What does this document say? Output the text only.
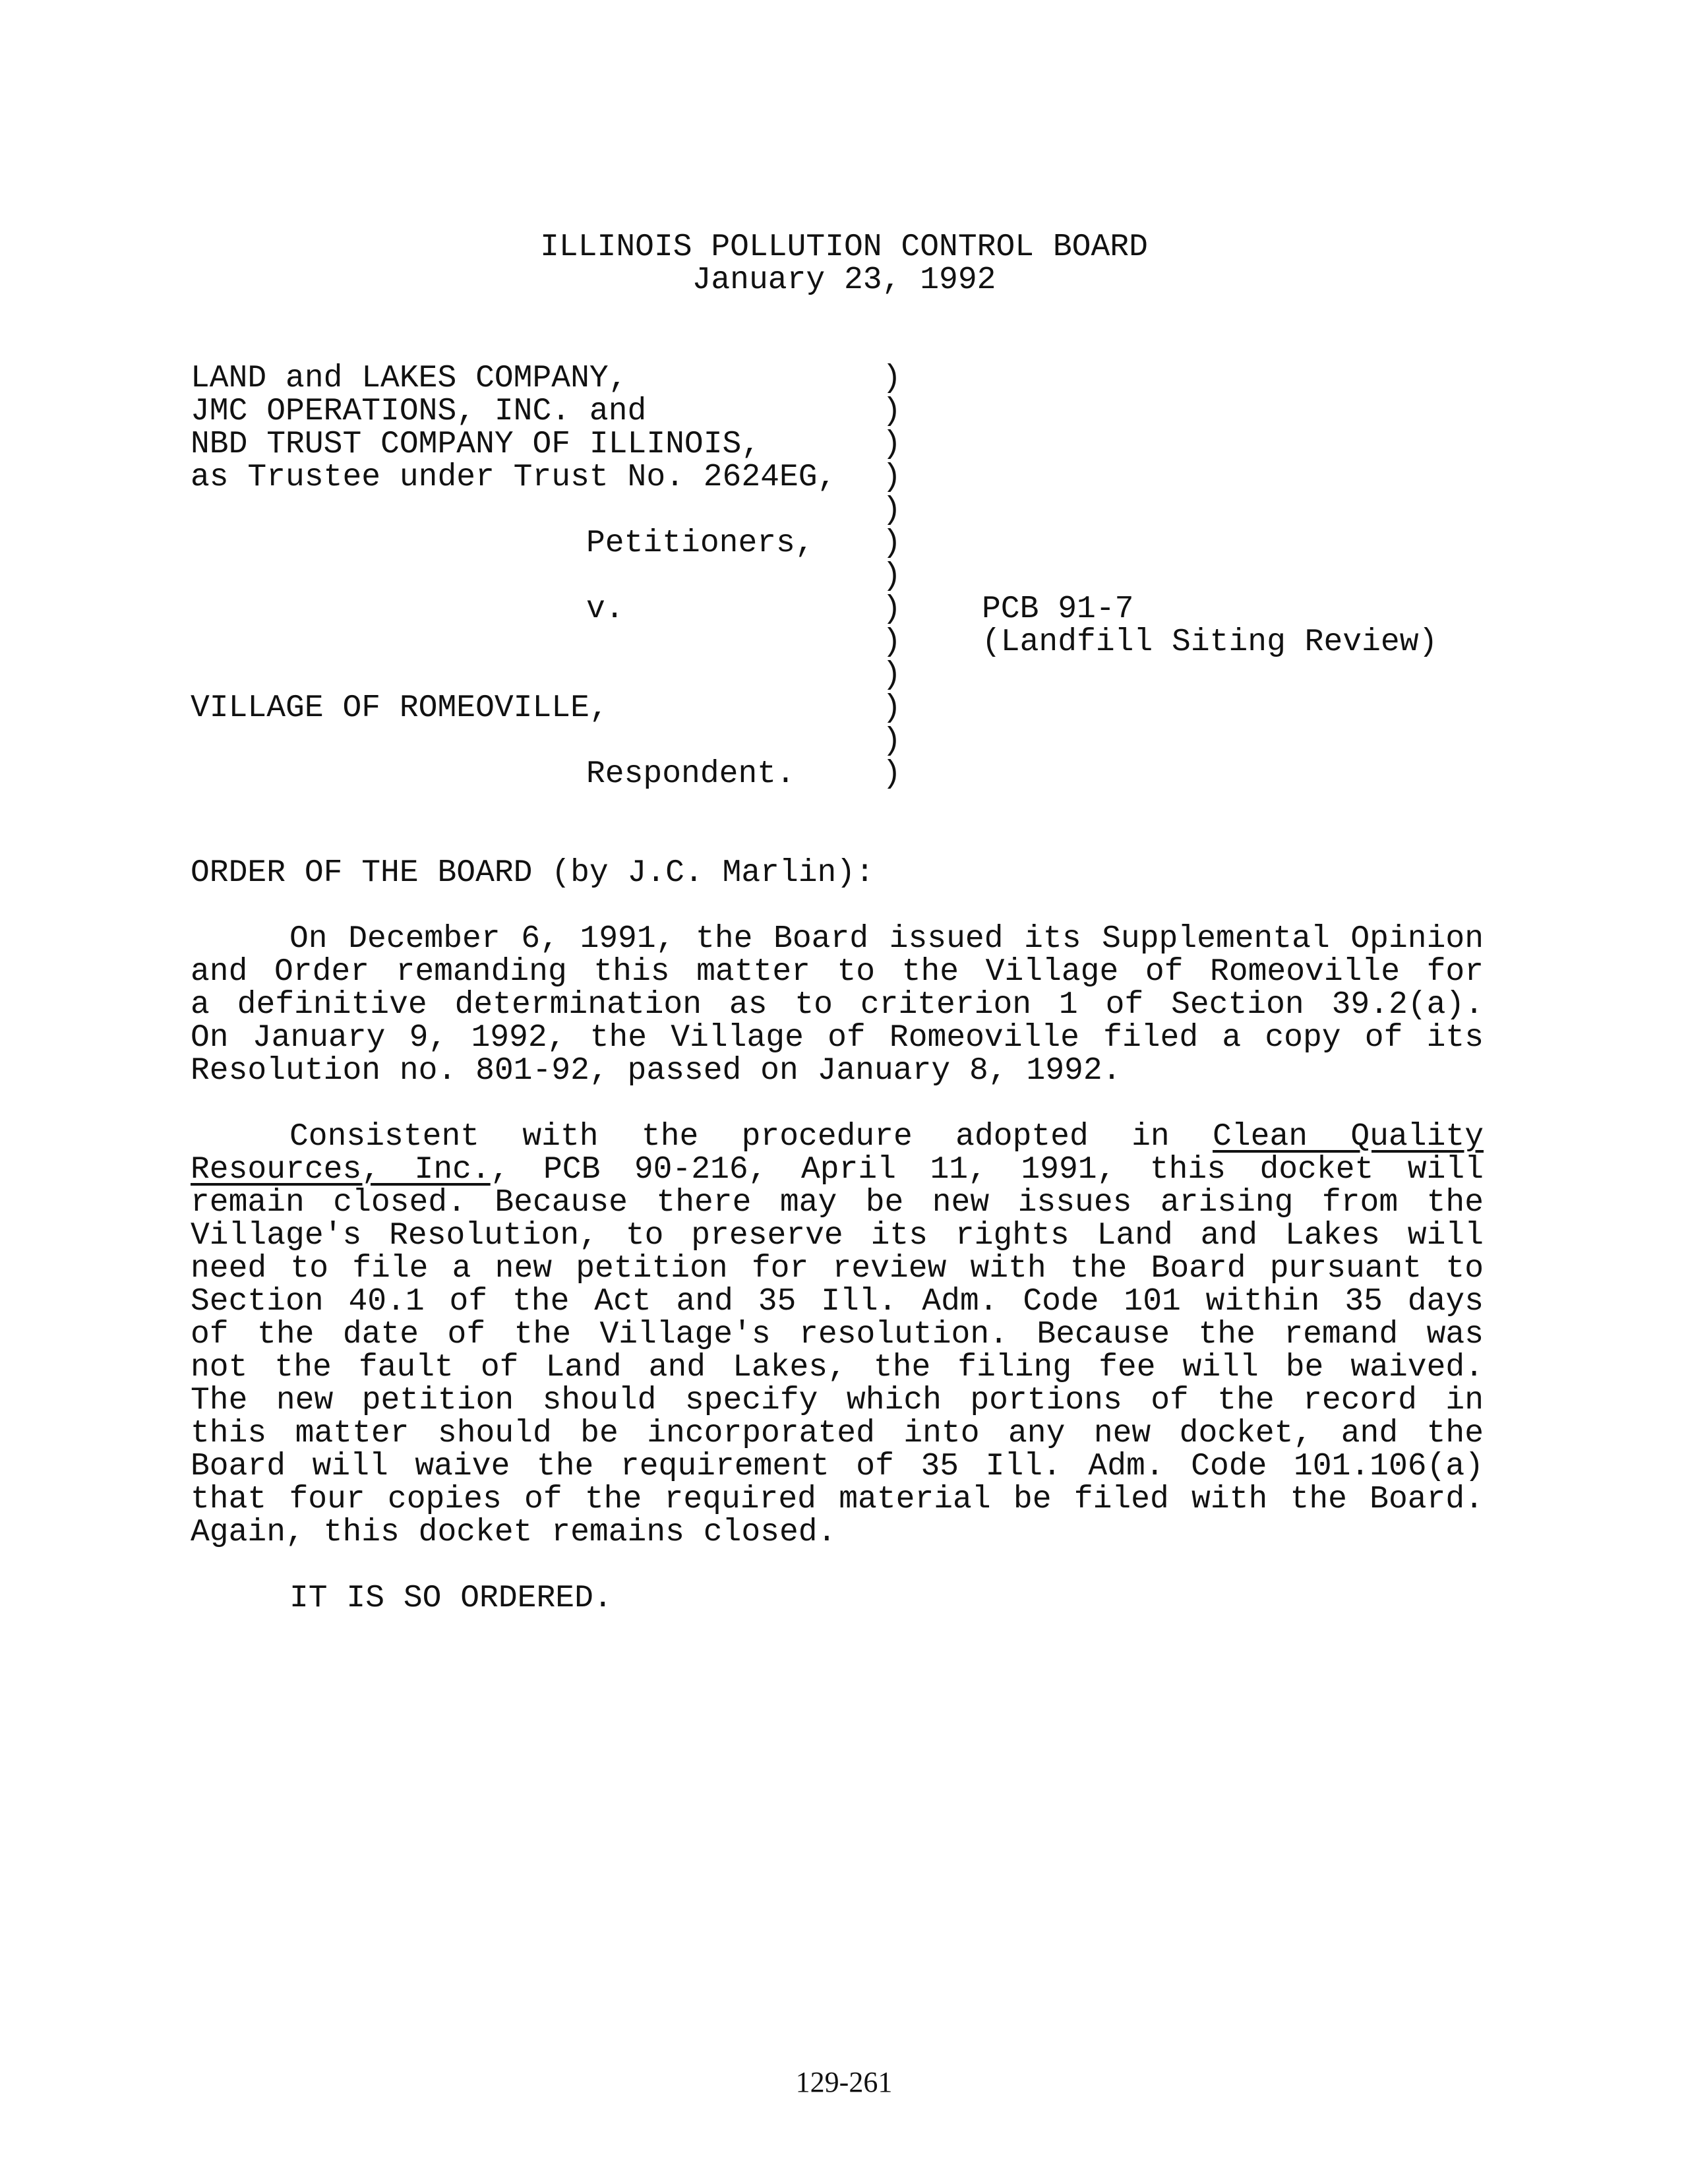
ILLINOIS POLLUTION CONTROL BOARD
January 23, 1992
LAND and LAKES COMPANY,
JMC OPERATIONS, INC. and
NBD TRUST COMPANY OF ILLINOIS,
as Trustee under Trust No. 2624EG,
Petitioners,
v.
VILLAGE OF ROMEOVILLE,
Respondent.
)
)
)
)
)
)
)
)
)
)
)
)
)
PCB 91-7
(Landfill Siting Review)
ORDER OF THE BOARD (by J.C. Marlin):
On December 6, 1991, the Board issued its Supplemental Opinion
and Order remanding this matter to the Village of Romeoville for
a definitive determination as to criterion 1 of Section 39.2(a).
On January 9, 1992, the Village of Romeoville filed a copy of its
Resolution no. 801-92, passed on January 8, 1992.
Consistent with the procedure adopted in Clean Quality
Resources, Inc., PCB 90-216, April 11, 1991, this docket will
remain closed. Because there may be new issues arising from the
Village's Resolution, to preserve its rights Land and Lakes will
need to file a new petition for review with the Board pursuant to
Section 40.1 of the Act and 35 Ill. Adm. Code 101 within 35 days
of the date of the Village's resolution. Because the remand was
not the fault of Land and Lakes, the filing fee will be waived.
The new petition should specify which portions of the record in
this matter should be incorporated into any new docket, and the
Board will waive the requirement of 35 Ill. Adm. Code 101.106(a)
that four copies of the required material be filed with the Board.
Again, this docket remains closed.
IT IS SO ORDERED.
129-261
